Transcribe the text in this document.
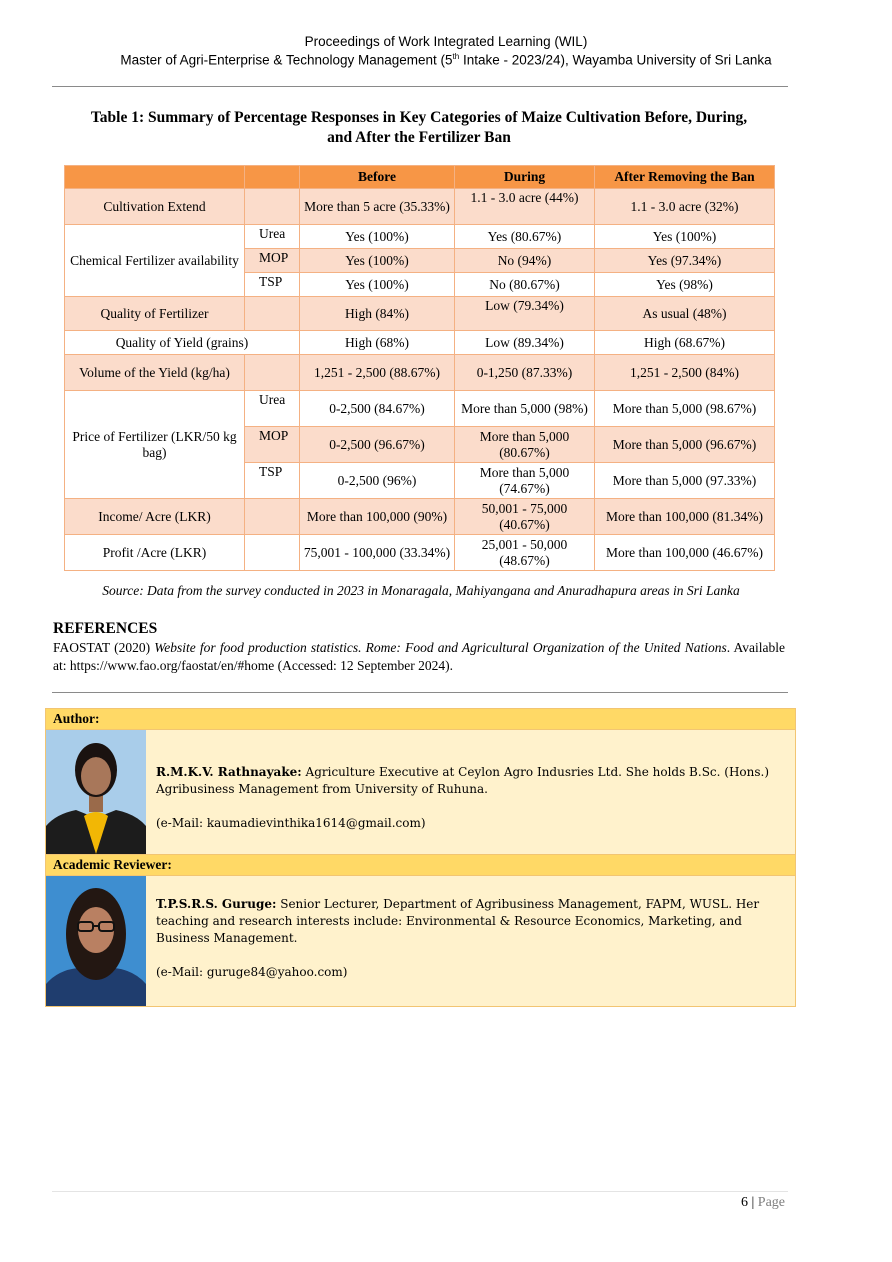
Proceedings of Work Integrated Learning (WIL)
Master of Agri-Enterprise & Technology Management (5th Intake - 2023/24), Wayamba University of Sri Lanka
Table 1: Summary of Percentage Responses in Key Categories of Maize Cultivation Before, During,
and After the Fertilizer Ban
		Before	During	After Removing the Ban
Cultivation Extend		More than 5 acre (35.33%)	1.1 - 3.0 acre (44%)	1.1 - 3.0 acre (32%)
Chemical Fertilizer availability	Urea	Yes (100%)	Yes (80.67%)	Yes (100%)
	MOP	Yes (100%)	No (94%)	Yes (97.34%)
	TSP	Yes (100%)	No (80.67%)	Yes (98%)
Quality of Fertilizer		High (84%)	Low (79.34%)	As usual (48%)
Quality of Yield (grains)		High (68%)	Low (89.34%)	High (68.67%)
Volume of the Yield (kg/ha)		1,251 - 2,500 (88.67%)	0-1,250 (87.33%)	1,251 - 2,500 (84%)
Price of Fertilizer (LKR/50 kg bag)	Urea	0-2,500 (84.67%)	More than 5,000 (98%)	More than 5,000 (98.67%)
	MOP	0-2,500 (96.67%)	More than 5,000 (80.67%)	More than 5,000 (96.67%)
	TSP	0-2,500 (96%)	More than 5,000 (74.67%)	More than 5,000 (97.33%)
Income/ Acre (LKR)		More than 100,000 (90%)	50,001 - 75,000 (40.67%)	More than 100,000 (81.34%)
Profit /Acre (LKR)		75,001 - 100,000 (33.34%)	25,001 - 50,000 (48.67%)	More than 100,000 (46.67%)
Source: Data from the survey conducted in 2023 in Monaragala, Mahiyangana and Anuradhapura areas in Sri Lanka
REFERENCES
FAOSTAT (2020) Website for food production statistics. Rome: Food and Agricultural Organization of the United Nations. Available at: https://www.fao.org/faostat/en/#home (Accessed: 12 September 2024).
Author:

R.M.K.V. Rathnayake: Agriculture Executive at Ceylon Agro Indusries Ltd. She holds B.Sc. (Hons.) Agribusiness Management from University of Ruhuna.

(e-Mail: kaumadievinthika1614@gmail.com)

Academic Reviewer:

T.P.S.R.S. Guruge: Senior Lecturer, Department of Agribusiness Management, FAPM, WUSL. Her teaching and research interests include: Environmental & Resource Economics, Marketing, and Business Management.

(e-Mail: guruge84@yahoo.com)

6 | Page
